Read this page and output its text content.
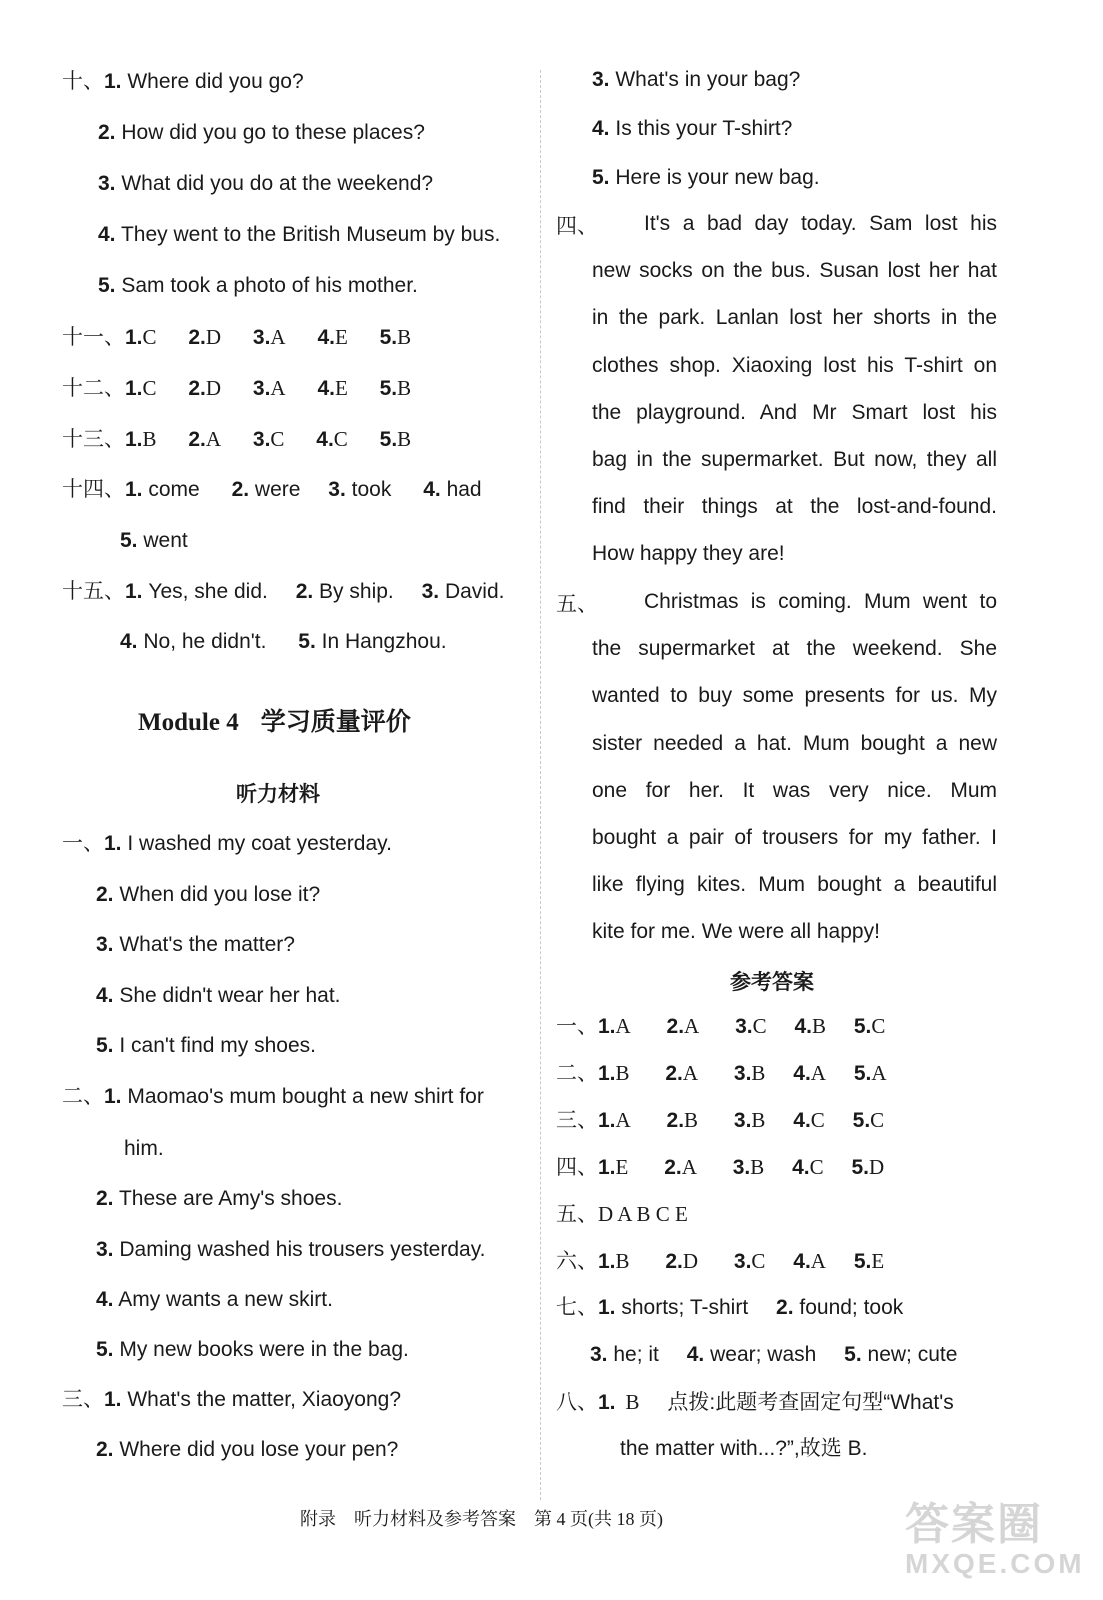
十、1. Where did you go?
2. How did you go to these places?
3. What did you do at the weekend?
4. They went to the British Museum by bus.
5. Sam took a photo of his mother.
十一、1.C 2.D 3.A 4.E 5.B
十二、1.C 2.D 3.A 4.E 5.B
十三、1.B 2.A 3.C 4.C 5.B
十四、1. come 2. were 3. took 4. had
5. went
十五、1. Yes, she did. 2. By ship. 3. David.
4. No, he didn't. 5. In Hangzhou.
Module 4 学习质量评价
听力材料
一、1. I washed my coat yesterday.
2. When did you lose it?
3. What's the matter?
4. She didn't wear her hat.
5. I can't find my shoes.
二、1. Maomao's mum bought a new shirt for
him.
2. These are Amy's shoes.
3. Daming washed his trousers yesterday.
4. Amy wants a new skirt.
5. My new books were in the bag.
三、1. What's the matter, Xiaoyong?
2. Where did you lose your pen?
3. What's in your bag?
4. Is this your T-shirt?
5. Here is your new bag.
四、	It's a bad day today. Sam lost his
new socks on the bus. Susan lost her hat
in the park. Lanlan lost her shorts in the
clothes shop. Xiaoxing lost his T-shirt on
the playground. And Mr Smart lost his
bag in the supermarket. But now, they all
find their things at the lost-and-found.
How happy they are!
五、	Christmas is coming. Mum went to
the supermarket at the weekend. She
wanted to buy some presents for us. My
sister needed a hat. Mum bought a new
one for her. It was very nice. Mum
bought a pair of trousers for my father. I
like flying kites. Mum bought a beautiful
kite for me. We were all happy!
参考答案
一、1.A 2.A 3.C 4.B 5.C
二、1.B 2.A 3.B 4.A 5.A
三、1.A 2.B 3.B 4.C 5.C
四、1.E 2.A 3.B 4.C 5.D
五、D A B C E
六、1.B 2.D 3.C 4.A 5.E
七、1. shorts; T-shirt 2. found; took
3. he; it 4. wear; wash 5. new; cute
八、1. B 点拨:此题考查固定句型“What's
the matter with...?”,故选 B.
附录　听力材料及参考答案　第 4 页(共 18 页)	答案圈
MXQE.COM
